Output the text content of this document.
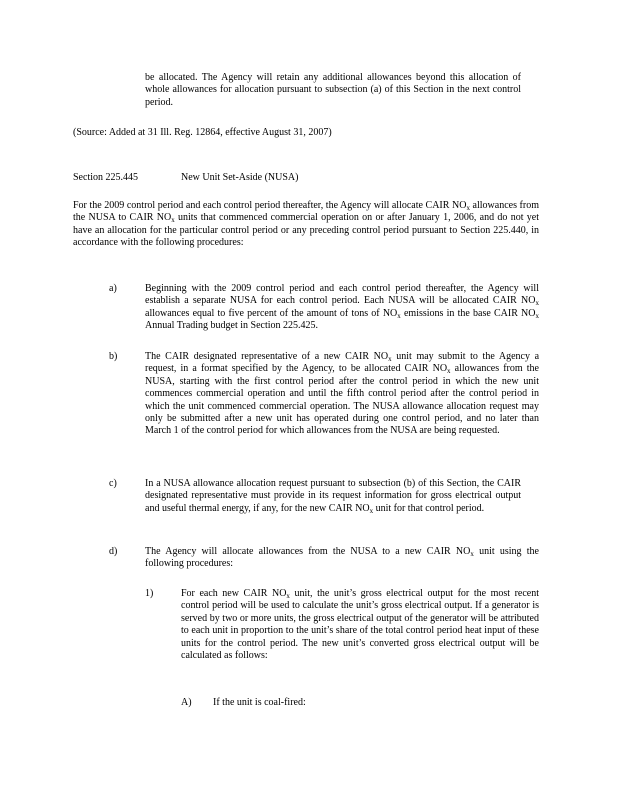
be allocated. The Agency will retain any additional allowances beyond this allocation of whole allowances for allocation pursuant to subsection (a) of this Section in the next control period.

(Source: Added at 31 Ill. Reg. 12864, effective August 31, 2007)

Section 225.445	New Unit Set-Aside (NUSA)

For the 2009 control period and each control period thereafter, the Agency will allocate CAIR $NO_x$ allowances from the NUSA to CAIR $NO_x$ units that commenced commercial operation on or after January 1, 2006, and do not yet have an allocation for the particular control period or any preceding control period pursuant to Section 225.440, in accordance with the following procedures:

a)	Beginning with the 2009 control period and each control period thereafter, the Agency will establish a separate NUSA for each control period. Each NUSA will be allocated CAIR $NO_x$ allowances equal to five percent of the amount of tons of $NO_x$ emissions in the base CAIR $NO_x$ Annual Trading budget in Section 225.425.

b)	The CAIR designated representative of a new CAIR $NO_x$ unit may submit to the Agency a request, in a format specified by the Agency, to be allocated CAIR $NO_x$ allowances from the NUSA, starting with the first control period after the control period in which the new unit commences commercial operation and until the fifth control period after the control period in which the unit commenced commercial operation. The NUSA allowance allocation request may only be submitted after a new unit has operated during one control period, and no later than March 1 of the control period for which allowances from the NUSA are being requested.

c)	In a NUSA allowance allocation request pursuant to subsection (b) of this Section, the CAIR designated representative must provide in its request information for gross electrical output and useful thermal energy, if any, for the new CAIR $NO_x$ unit for that control period.

d)	The Agency will allocate allowances from the NUSA to a new CAIR $NO_x$ unit using the following procedures:

1)	For each new CAIR $NO_x$ unit, the unit’s gross electrical output for the most recent control period will be used to calculate the unit’s gross electrical output. If a generator is served by two or more units, the gross electrical output of the generator will be attributed to each unit in proportion to the unit’s share of the total control period heat input of these units for the control period. The new unit’s converted gross electrical output will be calculated as follows:

A) If the unit is coal-fired:
